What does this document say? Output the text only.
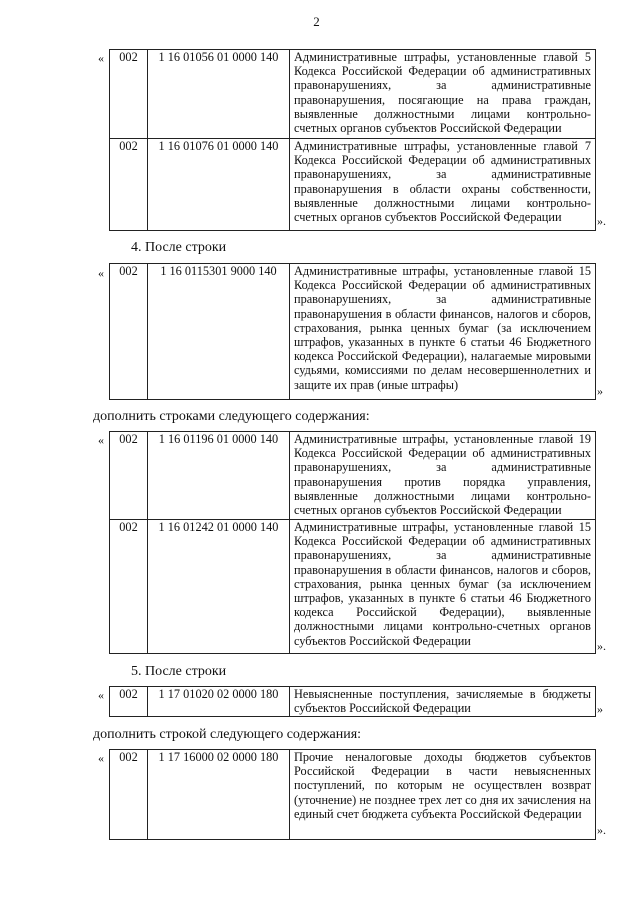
2
« 002	1 16 01056 01 0000 140	Административные штрафы, установленные главой 5 Кодекса Российской Федерации об административных правонарушениях, за административные правонарушения, посягающие на права граждан, выявленные должностными лицами контрольно-счетных органов субъектов Российской Федерации
002	1 16 01076 01 0000 140	Административные штрафы, установленные главой 7 Кодекса Российской Федерации об административных правонарушениях, за административные правонарушения в области охраны собственности, выявленные должностными лицами контрольно-счетных органов субъектов Российской Федерации	».
4. После строки
« 002	1 16 0115301 9000 140	Административные штрафы, установленные главой 15 Кодекса Российской Федерации об административных правонарушениях, за административные правонарушения в области финансов, налогов и сборов, страхования, рынка ценных бумаг (за исключением штрафов, указанных в пункте 6 статьи 46 Бюджетного кодекса Российской Федерации), налагаемые мировыми судьями, комиссиями по делам несовершеннолетних и защите их прав (иные штрафы)	»
дополнить строками следующего содержания:
« 002	1 16 01196 01 0000 140	Административные штрафы, установленные главой 19 Кодекса Российской Федерации об административных правонарушениях, за административные правонарушения против порядка управления, выявленные должностными лицами контрольно-счетных органов субъектов Российской Федерации
002	1 16 01242 01 0000 140	Административные штрафы, установленные главой 15 Кодекса Российской Федерации об административных правонарушениях, за административные правонарушения в области финансов, налогов и сборов, страхования, рынка ценных бумаг (за исключением штрафов, указанных в пункте 6 статьи 46 Бюджетного кодекса Российской Федерации), выявленные должностными лицами контрольно-счетных органов субъектов Российской Федерации	».
5. После строки
« 002	1 17 01020 02 0000 180	Невыясненные поступления, зачисляемые в бюджеты субъектов Российской Федерации	»
дополнить строкой следующего содержания:
« 002	1 17 16000 02 0000 180	Прочие неналоговые доходы бюджетов субъектов Российской Федерации в части невыясненных поступлений, по которым не осуществлен возврат (уточнение) не позднее трех лет со дня их зачисления на единый счет бюджета субъекта Российской Федерации
».
